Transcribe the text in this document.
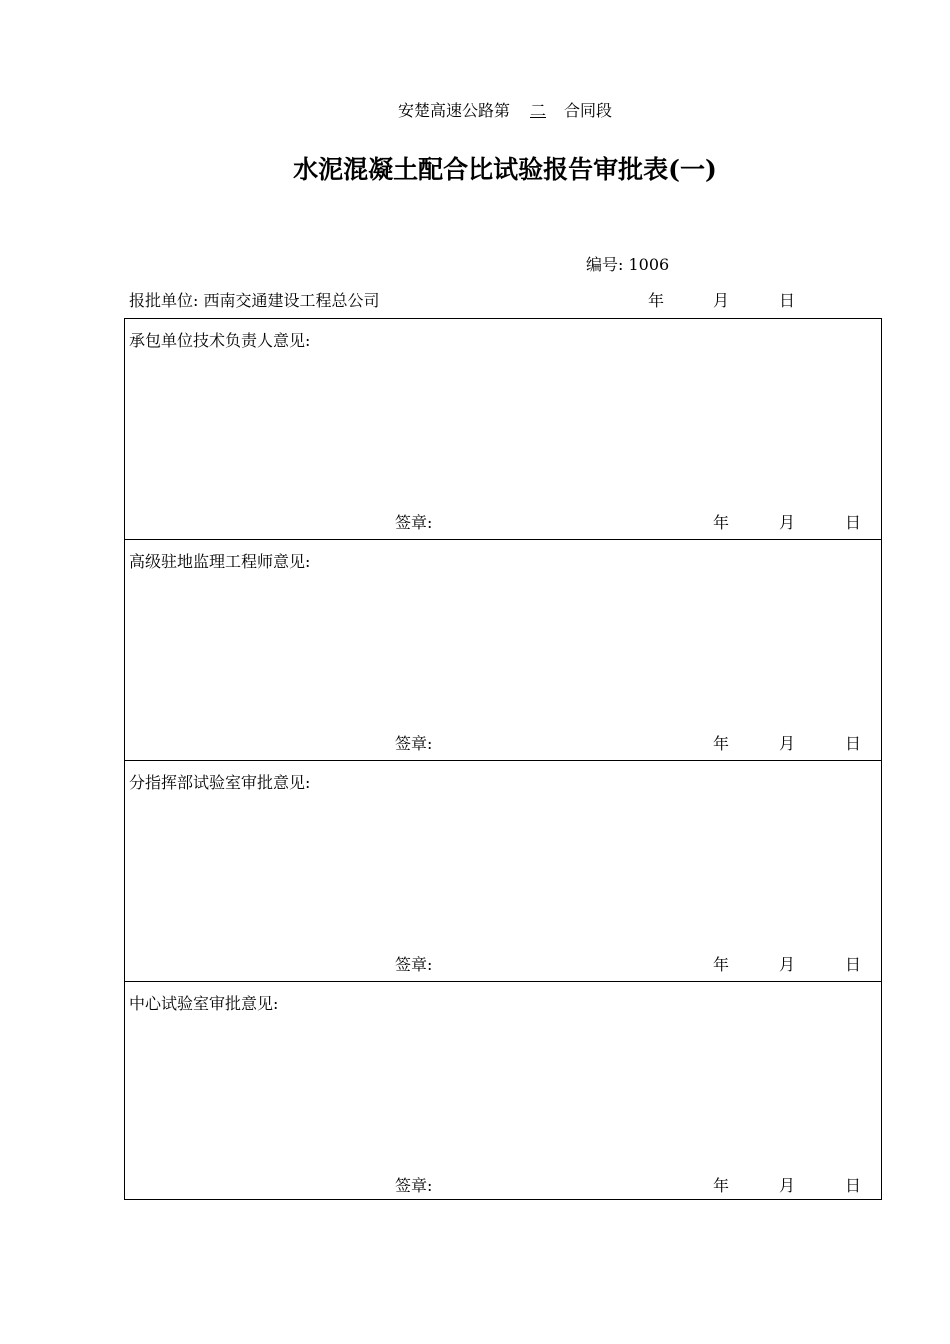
安楚高速公路第 二 合同段
水泥混凝土配合比试验报告审批表(一)
编号: 1006
报批单位: 西南交通建设工程总公司	年	月	日
承包单位技术负责人意见:
签章:	年	月	日
高级驻地监理工程师意见:
签章:	年	月	日
分指挥部试验室审批意见:
签章:	年	月	日
中心试验室审批意见:
签章:	年	月	日
